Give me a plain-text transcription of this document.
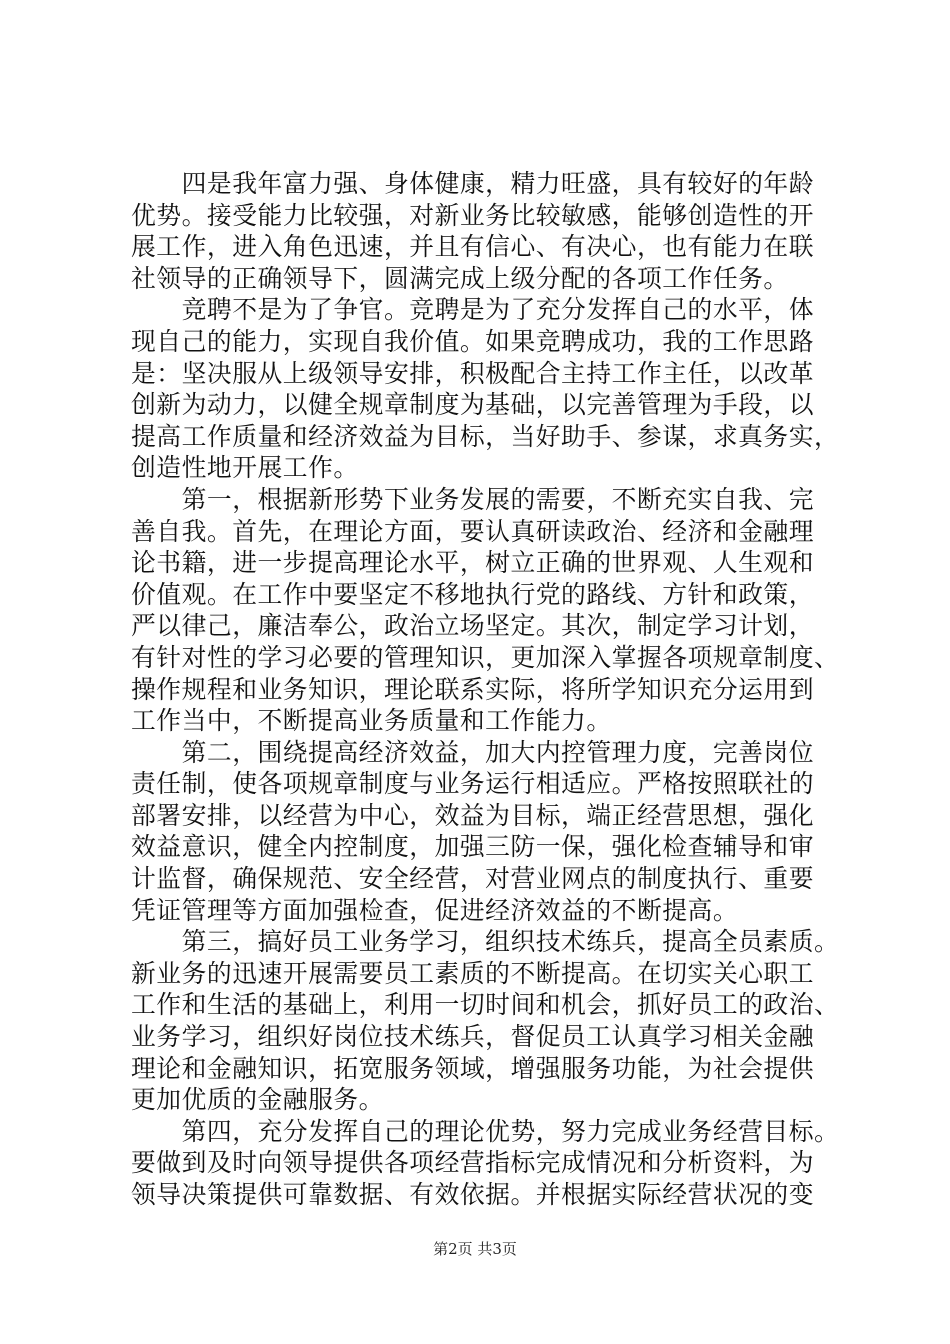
　　四是我年富力强、身体健康，精力旺盛，具有较好的年龄
优势。接受能力比较强，对新业务比较敏感，能够创造性的开
展工作，进入角色迅速，并且有信心、有决心，也有能力在联
社领导的正确领导下，圆满完成上级分配的各项工作任务。
　　竞聘不是为了争官。竞聘是为了充分发挥自己的水平，体
现自己的能力，实现自我价值。如果竞聘成功，我的工作思路
是：坚决服从上级领导安排，积极配合主持工作主任，以改革
创新为动力，以健全规章制度为基础，以完善管理为手段，以
提高工作质量和经济效益为目标，当好助手、参谋，求真务实，
创造性地开展工作。
　　第一，根据新形势下业务发展的需要，不断充实自我、完
善自我。首先，在理论方面，要认真研读政治、经济和金融理
论书籍，进一步提高理论水平，树立正确的世界观、人生观和
价值观。在工作中要坚定不移地执行党的路线、方针和政策，
严以律己，廉洁奉公，政治立场坚定。其次，制定学习计划，
有针对性的学习必要的管理知识，更加深入掌握各项规章制度、
操作规程和业务知识，理论联系实际，将所学知识充分运用到
工作当中，不断提高业务质量和工作能力。
　　第二，围绕提高经济效益，加大内控管理力度，完善岗位
责任制，使各项规章制度与业务运行相适应。严格按照联社的
部署安排，以经营为中心，效益为目标，端正经营思想，强化
效益意识，健全内控制度，加强三防一保，强化检查辅导和审
计监督，确保规范、安全经营，对营业网点的制度执行、重要
凭证管理等方面加强检查，促进经济效益的不断提高。
　　第三，搞好员工业务学习，组织技术练兵，提高全员素质。
新业务的迅速开展需要员工素质的不断提高。在切实关心职工
工作和生活的基础上，利用一切时间和机会，抓好员工的政治、
业务学习，组织好岗位技术练兵，督促员工认真学习相关金融
理论和金融知识，拓宽服务领域，增强服务功能，为社会提供
更加优质的金融服务。
　　第四，充分发挥自己的理论优势，努力完成业务经营目标。
要做到及时向领导提供各项经营指标完成情况和分析资料，为
领导决策提供可靠数据、有效依据。并根据实际经营状况的变
第2页 共3页
